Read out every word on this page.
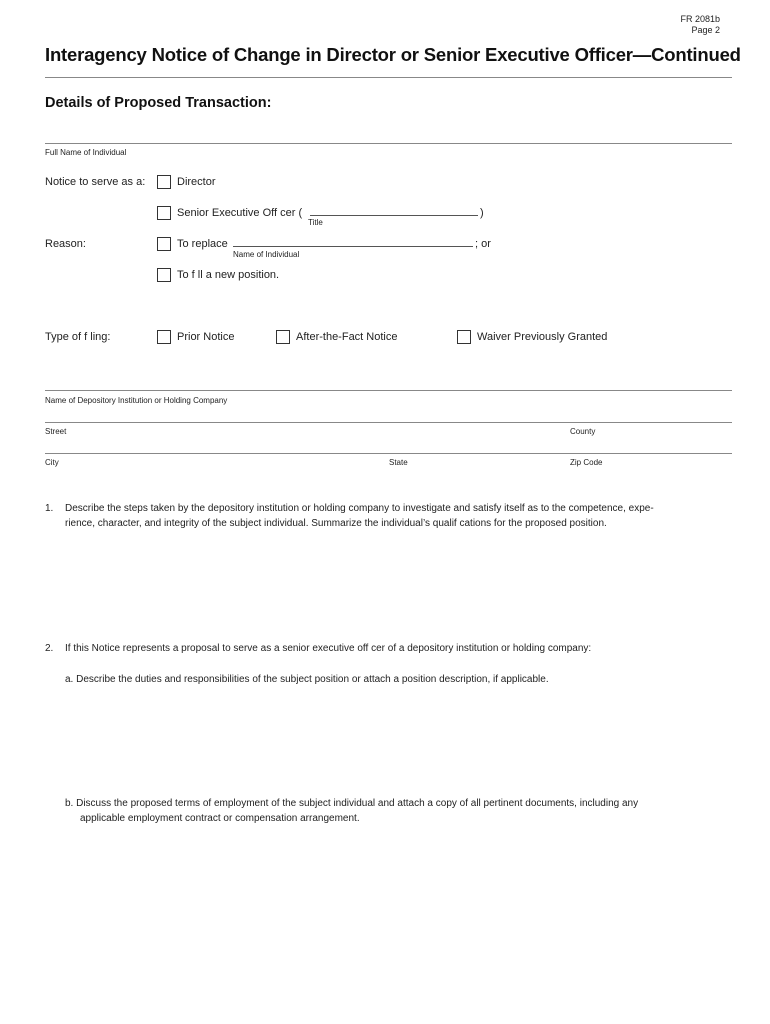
FR 2081b
Page 2
Interagency Notice of Change in Director or Senior Executive Officer—Continued
Details of Proposed Transaction:
Full Name of Individual
Notice to serve as a:	Director
Senior Executive Off cer (	)
Title
Reason:	To replace	; or
Name of Individual
To f ll a new position.
Type of f ling:	Prior Notice	After-the-Fact Notice	Waiver Previously Granted
Name of Depository Institution or Holding Company
Street	County
City	State	Zip Code
1. Describe the steps taken by the depository institution or holding company to investigate and satisfy itself as to the competence, expe-
rience, character, and integrity of the subject individual. Summarize the individual’s qualif cations for the proposed position.
2. If this Notice represents a proposal to serve as a senior executive off cer of a depository institution or holding company:
a. Describe the duties and responsibilities of the subject position or attach a position description, if applicable.
b. Discuss the proposed terms of employment of the subject individual and attach a copy of all pertinent documents, including any
applicable employment contract or compensation arrangement.
